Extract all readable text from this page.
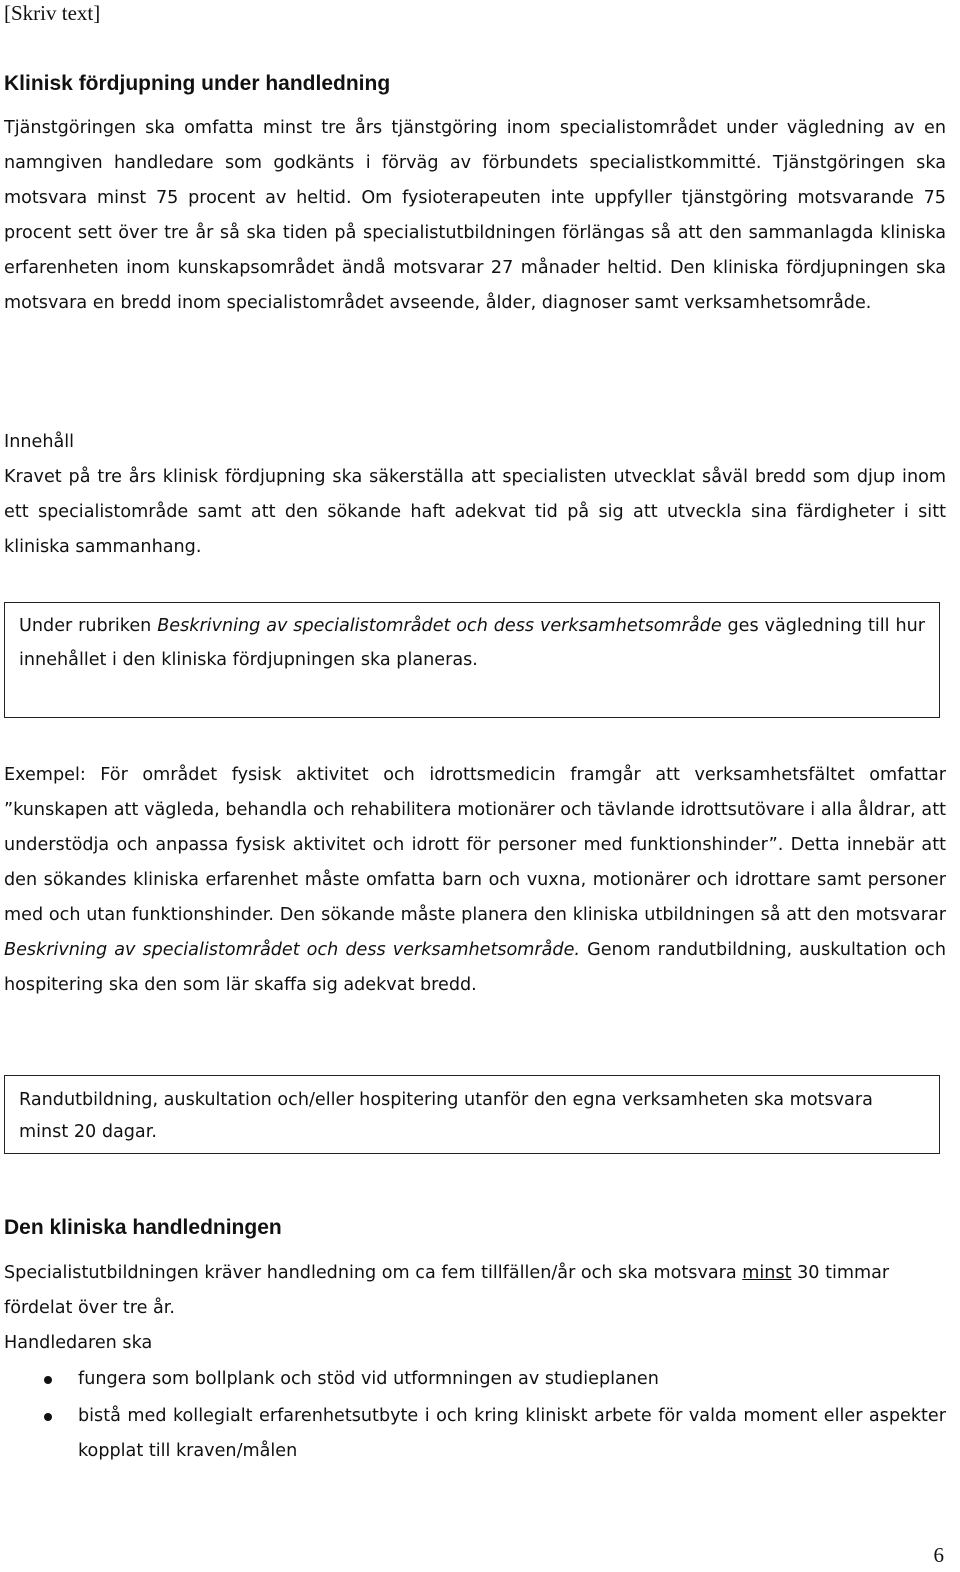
[Skriv text]
Klinisk fördjupning under handledning
Tjänstgöringen ska omfatta minst tre års tjänstgöring inom specialistområdet under vägledning av en namngiven handledare som godkänts i förväg av förbundets specialistkommitté. Tjänstgöringen ska motsvara minst 75 procent av heltid. Om fysioterapeuten inte uppfyller tjänstgöring motsvarande 75 procent sett över tre år så ska tiden på specialistutbildningen förlängas så att den sammanlagda kliniska erfarenheten inom kunskapsområdet ändå motsvarar 27 månader heltid. Den kliniska fördjupningen ska motsvara en bredd inom specialistområdet avseende, ålder, diagnoser samt verksamhetsområde.
Innehåll
Kravet på tre års klinisk fördjupning ska säkerställa att specialisten utvecklat såväl bredd som djup inom ett specialistområde samt att den sökande haft adekvat tid på sig att utveckla sina färdigheter i sitt kliniska sammanhang.
Under rubriken Beskrivning av specialistområdet och dess verksamhetsområde ges vägledning till hur innehållet i den kliniska fördjupningen ska planeras.
Exempel: För området fysisk aktivitet och idrottsmedicin framgår att verksamhetsfältet omfattar ”kunskapen att vägleda, behandla och rehabilitera motionärer och tävlande idrottsutövare i alla åldrar, att understödja och anpassa fysisk aktivitet och idrott för personer med funktionshinder”. Detta innebär att den sökandes kliniska erfarenhet måste omfatta barn och vuxna, motionärer och idrottare samt personer med och utan funktionshinder. Den sökande måste planera den kliniska utbildningen så att den motsvarar Beskrivning av specialistområdet och dess verksamhetsområde. Genom randutbildning, auskultation och hospitering ska den som lär skaffa sig adekvat bredd.
Randutbildning, auskultation och/eller hospitering utanför den egna verksamheten ska motsvara minst 20 dagar.
Den kliniska handledningen
Specialistutbildningen kräver handledning om ca fem tillfällen/år och ska motsvara minst 30 timmar fördelat över tre år.
Handledaren ska
fungera som bollplank och stöd vid utformningen av studieplanen
bistå med kollegialt erfarenhetsutbyte i och kring kliniskt arbete för valda moment eller aspekter kopplat till kraven/målen
6
